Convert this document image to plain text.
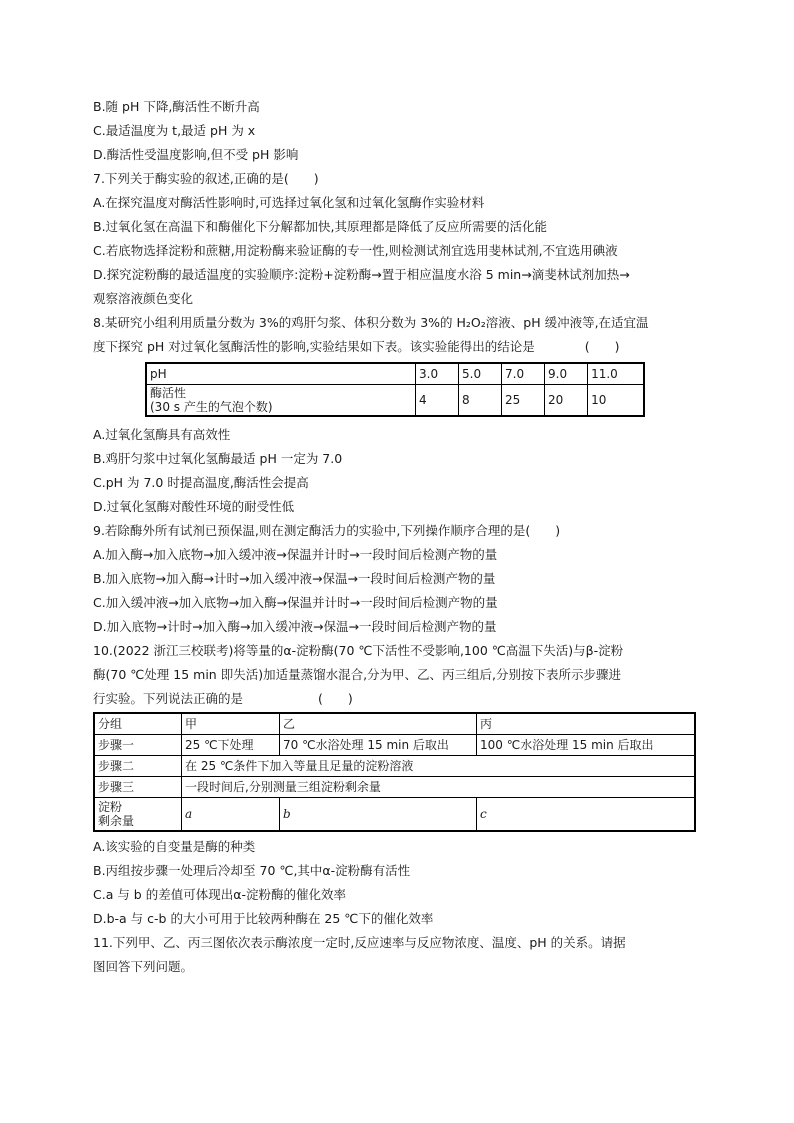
B.随 pH 下降,酶活性不断升高
C.最适温度为 t,最适 pH 为 x
D.酶活性受温度影响,但不受 pH 影响
7.下列关于酶实验的叙述,正确的是(　　)
A.在探究温度对酶活性影响时,可选择过氧化氢和过氧化氢酶作实验材料
B.过氧化氢在高温下和酶催化下分解都加快,其原理都是降低了反应所需要的活化能
C.若底物选择淀粉和蔗糖,用淀粉酶来验证酶的专一性,则检测试剂宜选用斐林试剂,不宜选用碘液
D.探究淀粉酶的最适温度的实验顺序:淀粉+淀粉酶→置于相应温度水浴 5 min→滴斐林试剂加热→
观察溶液颜色变化
8.某研究小组利用质量分数为 3%的鸡肝匀浆、体积分数为 3%的 H₂O₂溶液、pH 缓冲液等,在适宜温
度下探究 pH 对过氧化氢酶活性的影响,实验结果如下表。该实验能得出的结论是　　　　(　　)
pH	3.0	5.0	7.0	9.0	11.0

酶活性
(30 s 产生的气泡个数)	4	8	25	20	10
A.过氧化氢酶具有高效性
B.鸡肝匀浆中过氧化氢酶最适 pH 一定为 7.0
C.pH 为 7.0 时提高温度,酶活性会提高
D.过氧化氢酶对酸性环境的耐受性低
9.若除酶外所有试剂已预保温,则在测定酶活力的实验中,下列操作顺序合理的是(　　)
A.加入酶→加入底物→加入缓冲液→保温并计时→一段时间后检测产物的量
B.加入底物→加入酶→计时→加入缓冲液→保温→一段时间后检测产物的量
C.加入缓冲液→加入底物→加入酶→保温并计时→一段时间后检测产物的量
D.加入底物→计时→加入酶→加入缓冲液→保温→一段时间后检测产物的量
10.(2022 浙江三校联考)将等量的α-淀粉酶(70 ℃下活性不受影响,100 ℃高温下失活)与β-淀粉
酶(70 ℃处理 15 min 即失活)加适量蒸馏水混合,分为甲、乙、丙三组后,分别按下表所示步骤进
行实验。下列说法正确的是　　　　　　(　　)
分组	甲	乙	丙
步骤一	25 ℃下处理	70 ℃水浴处理 15 min 后取出	100 ℃水浴处理 15 min 后取出
步骤二	在 25 ℃条件下加入等量且足量的淀粉溶液		
步骤三	一段时间后,分别测量三组淀粉剩余量		

淀粉
剩余量	a	b	c
A.该实验的自变量是酶的种类
B.丙组按步骤一处理后冷却至 70 ℃,其中α-淀粉酶有活性
C.a 与 b 的差值可体现出α-淀粉酶的催化效率
D.b-a 与 c-b 的大小可用于比较两种酶在 25 ℃下的催化效率
11.下列甲、乙、丙三图依次表示酶浓度一定时,反应速率与反应物浓度、温度、pH 的关系。请据
图回答下列问题。
